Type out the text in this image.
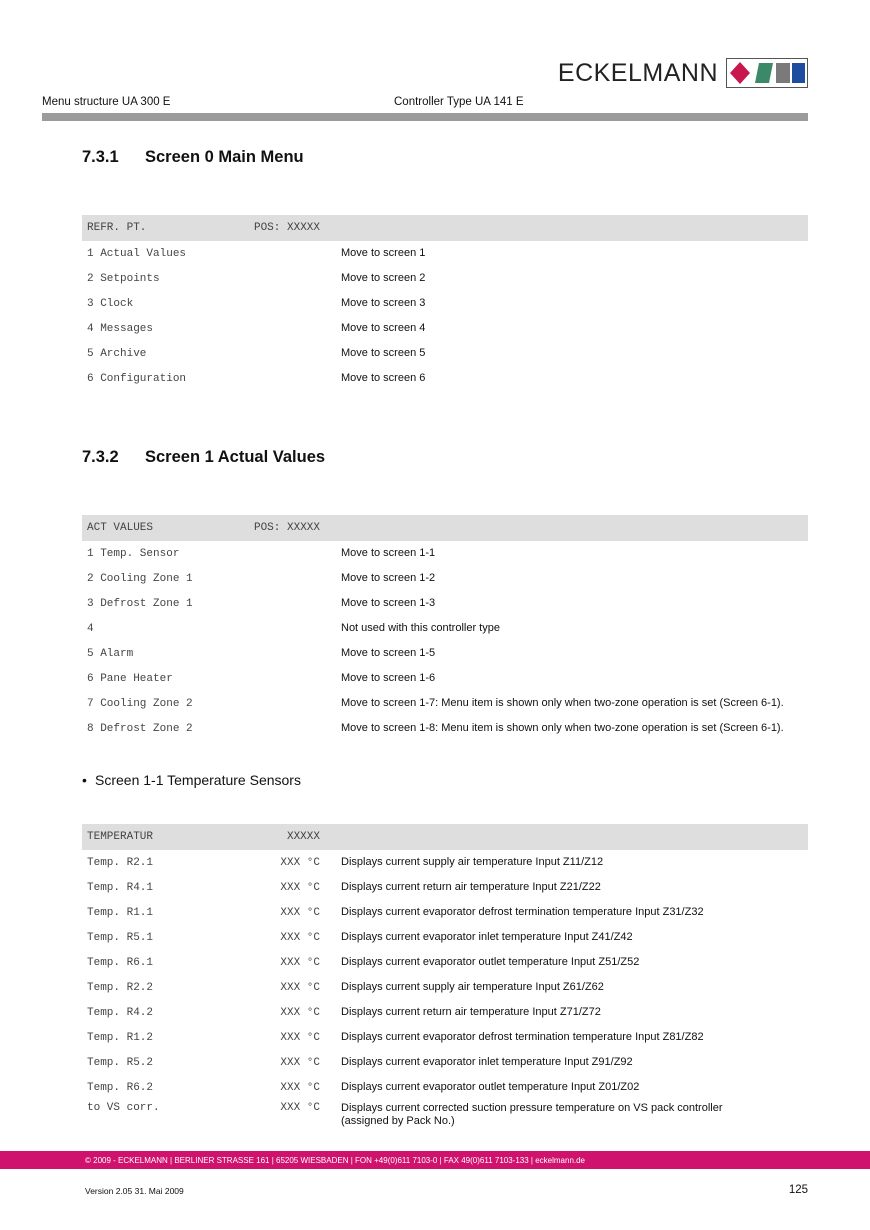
ECKELMANN
Menu structure UA 300 E	Controller Type UA 141 E
7.3.1 Screen 0 Main Menu
REFR. PT.	POS: XXXXX
1 Actual Values	Move to screen 1
2 Setpoints	Move to screen 2
3 Clock	Move to screen 3
4 Messages	Move to screen 4
5 Archive	Move to screen 5
6 Configuration	Move to screen 6
7.3.2 Screen 1 Actual Values
ACT VALUES	POS: XXXXX
1 Temp. Sensor	Move to screen 1-1
2 Cooling Zone 1	Move to screen 1-2
3 Defrost Zone 1	Move to screen 1-3
4	Not used with this controller type
5 Alarm	Move to screen 1-5
6 Pane Heater	Move to screen 1-6
7 Cooling Zone 2	Move to screen 1-7: Menu item is shown only when two-zone operation is set (Screen 6-1).
8 Defrost Zone 2	Move to screen 1-8: Menu item is shown only when two-zone operation is set (Screen 6-1).
• Screen 1-1 Temperature Sensors
TEMPERATUR	XXXXX
Temp. R2.1	XXX °C Displays current supply air temperature Input Z11/Z12
Temp. R4.1	XXX °C Displays current return air temperature Input Z21/Z22
Temp. R1.1	XXX °C Displays current evaporator defrost termination temperature Input Z31/Z32
Temp. R5.1	XXX °C Displays current evaporator inlet temperature Input Z41/Z42
Temp. R6.1	XXX °C Displays current evaporator outlet temperature Input Z51/Z52
Temp. R2.2	XXX °C Displays current supply air temperature Input Z61/Z62
Temp. R4.2	XXX °C Displays current return air temperature Input Z71/Z72
Temp. R1.2	XXX °C Displays current evaporator defrost termination temperature Input Z81/Z82
Temp. R5.2	XXX °C Displays current evaporator inlet temperature Input Z91/Z92
Temp. R6.2	XXX °C Displays current evaporator outlet temperature Input Z01/Z02
to VS corr.	XXX °C Displays current corrected suction pressure temperature on VS pack controller
(assigned by Pack No.)
© 2009 - ECKELMANN | BERLINER STRASSE 161 | 65205 WIESBADEN | FON +49(0)611 7103-0 | FAX 49(0)611 7103-133 | eckelmann.de
Version 2.05 31. Mai 2009	125
